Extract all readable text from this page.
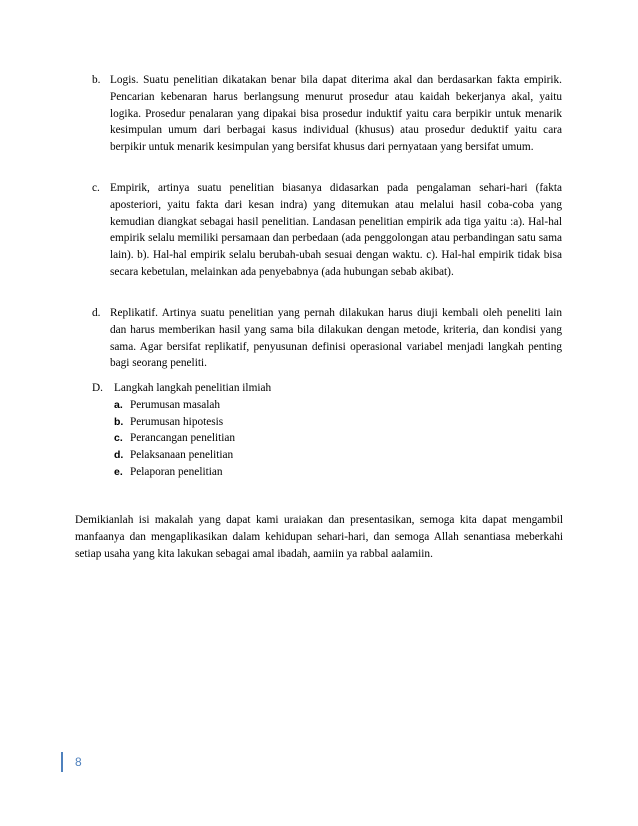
b. Logis. Suatu penelitian dikatakan benar bila dapat diterima akal dan berdasarkan fakta empirik. Pencarian kebenaran harus berlangsung menurut prosedur atau kaidah bekerjanya akal, yaitu logika. Prosedur penalaran yang dipakai bisa prosedur induktif yaitu cara berpikir untuk menarik kesimpulan umum dari berbagai kasus individual (khusus) atau prosedur deduktif yaitu cara berpikir untuk menarik kesimpulan yang bersifat khusus dari pernyataan yang bersifat umum.
c. Empirik, artinya suatu penelitian biasanya didasarkan pada pengalaman sehari-hari (fakta aposteriori, yaitu fakta dari kesan indra) yang ditemukan atau melalui hasil coba-coba yang kemudian diangkat sebagai hasil penelitian. Landasan penelitian empirik ada tiga yaitu :a). Hal-hal empirik selalu memiliki persamaan dan perbedaan (ada penggolongan atau perbandingan satu sama lain). b). Hal-hal empirik selalu berubah-ubah sesuai dengan waktu. c). Hal-hal empirik tidak bisa secara kebetulan, melainkan ada penyebabnya (ada hubungan sebab akibat).
d. Replikatif. Artinya suatu penelitian yang pernah dilakukan harus diuji kembali oleh peneliti lain dan harus memberikan hasil yang sama bila dilakukan dengan metode, kriteria, dan kondisi yang sama. Agar bersifat replikatif, penyusunan definisi operasional variabel menjadi langkah penting bagi seorang peneliti.
D. Langkah langkah penelitian ilmiah
a. Perumusan masalah
b. Perumusan hipotesis
c. Perancangan penelitian
d. Pelaksanaan penelitian
e. Pelaporan penelitian
Demikianlah isi makalah yang dapat kami uraiakan dan presentasikan, semoga kita dapat mengambil manfaanya dan mengaplikasikan dalam kehidupan sehari-hari, dan semoga Allah senantiasa meberkahi setiap usaha yang kita lakukan sebagai amal ibadah, aamiin ya rabbal aalamiin.
8
